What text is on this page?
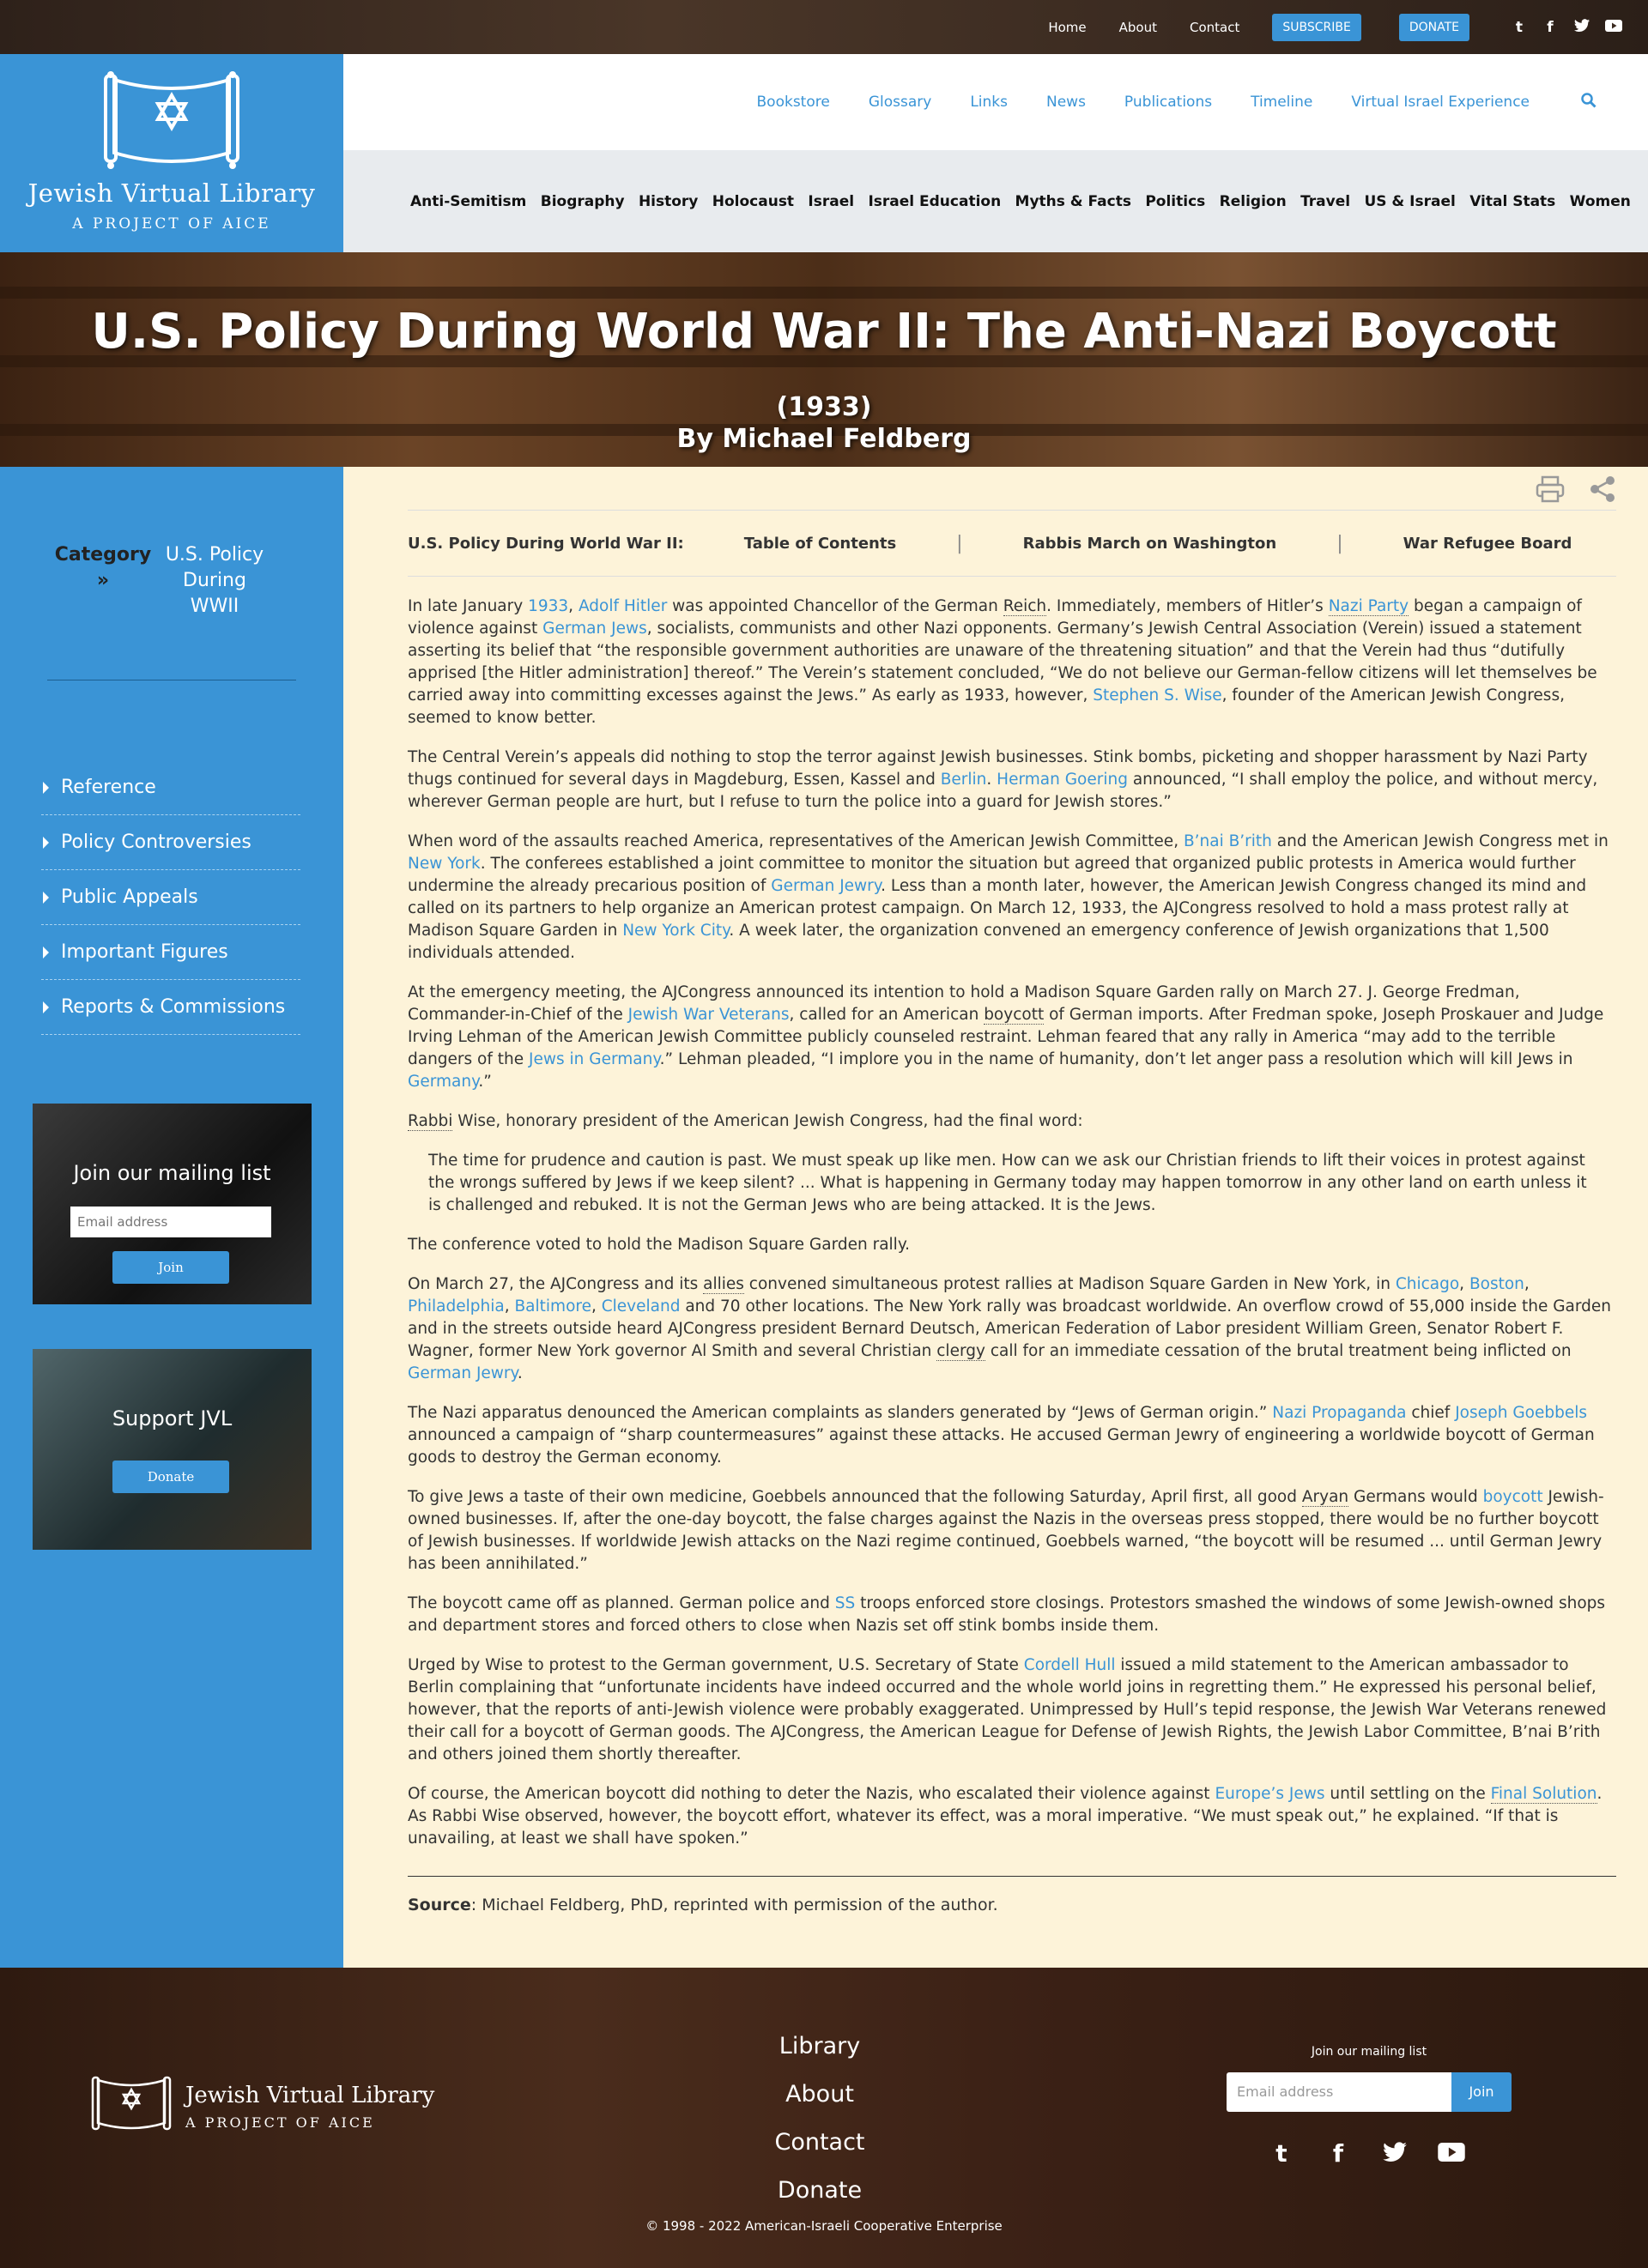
Home	About	Contact	SUBSCRIBE	DONATE	t f
Jewish Virtual Library
A PROJECT OF AICE
Bookstore	Glossary	Links	News	Publications	Timeline	Virtual Israel Experience
Anti-Semitism Biography History Holocaust Israel Israel Education Myths & Facts Politics Religion Travel US & Israel Vital Stats Women
U.S. Policy During World War II: The Anti-Nazi Boycott
(1933)
By Michael Feldberg
Category »
U.S. Policy During WWII
Reference
Policy Controversies
Public Appeals
Important Figures
Reports & Commissions
Join our mailing list
Email address
Join
Support JVL
Donate
U.S. Policy During World War II:	Table of Contents	|	Rabbis March on Washington	|	War Refugee Board

In late January 1933, Adolf Hitler was appointed Chancellor of the German Reich. Immediately, members of Hitler’s Nazi Party began a campaign of violence against German Jews, socialists, communists and other Nazi opponents. Germany’s Jewish Central Association (Verein) issued a statement asserting its belief that “the responsible government authorities are unaware of the threatening situation” and that the Verein had thus “dutifully apprised [the Hitler administration] thereof.” The Verein’s statement concluded, “We do not believe our German-fellow citizens will let themselves be carried away into committing excesses against the Jews.” As early as 1933, however, Stephen S. Wise, founder of the American Jewish Congress, seemed to know better.

The Central Verein’s appeals did nothing to stop the terror against Jewish businesses. Stink bombs, picketing and shopper harassment by Nazi Party thugs continued for several days in Magdeburg, Essen, Kassel and Berlin. Herman Goering announced, “I shall employ the police, and without mercy, wherever German people are hurt, but I refuse to turn the police into a guard for Jewish stores.”

When word of the assaults reached America, representatives of the American Jewish Committee, B’nai B’rith and the American Jewish Congress met in New York. The conferees established a joint committee to monitor the situation but agreed that organized public protests in America would further undermine the already precarious position of German Jewry. Less than a month later, however, the American Jewish Congress changed its mind and called on its partners to help organize an American protest campaign. On March 12, 1933, the AJCongress resolved to hold a mass protest rally at Madison Square Garden in New York City. A week later, the organization convened an emergency conference of Jewish organizations that 1,500 individuals attended.

At the emergency meeting, the AJCongress announced its intention to hold a Madison Square Garden rally on March 27. J. George Fredman, Commander-in-Chief of the Jewish War Veterans, called for an American boycott of German imports. After Fredman spoke, Joseph Proskauer and Judge Irving Lehman of the American Jewish Committee publicly counseled restraint. Lehman feared that any rally in America “may add to the terrible dangers of the Jews in Germany.” Lehman pleaded, “I implore you in the name of humanity, don’t let anger pass a resolution which will kill Jews in Germany.”

Rabbi Wise, honorary president of the American Jewish Congress, had the final word:

The time for prudence and caution is past. We must speak up like men. How can we ask our Christian friends to lift their voices in protest against the wrongs suffered by Jews if we keep silent? ... What is happening in Germany today may happen tomorrow in any other land on earth unless it is challenged and rebuked. It is not the German Jews who are being attacked. It is the Jews.

The conference voted to hold the Madison Square Garden rally.

On March 27, the AJCongress and its allies convened simultaneous protest rallies at Madison Square Garden in New York, in Chicago, Boston, Philadelphia, Baltimore, Cleveland and 70 other locations. The New York rally was broadcast worldwide. An overflow crowd of 55,000 inside the Garden and in the streets outside heard AJCongress president Bernard Deutsch, American Federation of Labor president William Green, Senator Robert F. Wagner, former New York governor Al Smith and several Christian clergy call for an immediate cessation of the brutal treatment being inflicted on German Jewry.

The Nazi apparatus denounced the American complaints as slanders generated by “Jews of German origin.” Nazi Propaganda chief Joseph Goebbels announced a campaign of “sharp countermeasures” against these attacks. He accused German Jewry of engineering a worldwide boycott of German goods to destroy the German economy.

To give Jews a taste of their own medicine, Goebbels announced that the following Saturday, April first, all good Aryan Germans would boycott Jewish-owned businesses. If, after the one-day boycott, the false charges against the Nazis in the overseas press stopped, there would be no further boycott of Jewish businesses. If worldwide Jewish attacks on the Nazi regime continued, Goebbels warned, “the boycott will be resumed ... until German Jewry has been annihilated.”

The boycott came off as planned. German police and SS troops enforced store closings. Protestors smashed the windows of some Jewish-owned shops and department stores and forced others to close when Nazis set off stink bombs inside them.

Urged by Wise to protest to the German government, U.S. Secretary of State Cordell Hull issued a mild statement to the American ambassador to Berlin complaining that “unfortunate incidents have indeed occurred and the whole world joins in regretting them.” He expressed his personal belief, however, that the reports of anti-Jewish violence were probably exaggerated. Unimpressed by Hull’s tepid response, the Jewish War Veterans renewed their call for a boycott of German goods. The AJCongress, the American League for Defense of Jewish Rights, the Jewish Labor Committee, B’nai B’rith and others joined them shortly thereafter.

Of course, the American boycott did nothing to deter the Nazis, who escalated their violence against Europe’s Jews until settling on the Final Solution. As Rabbi Wise observed, however, the boycott effort, whatever its effect, was a moral imperative. “We must speak out,” he explained. “If that is unavailing, at least we shall have spoken.”

Source: Michael Feldberg, PhD, reprinted with permission of the author.
Jewish Virtual Library
A PROJECT OF AICE
Library
About
Contact
Donate
Join our mailing list
Email address	Join
t	f
© 1998 - 2022 American-Israeli Cooperative Enterprise
